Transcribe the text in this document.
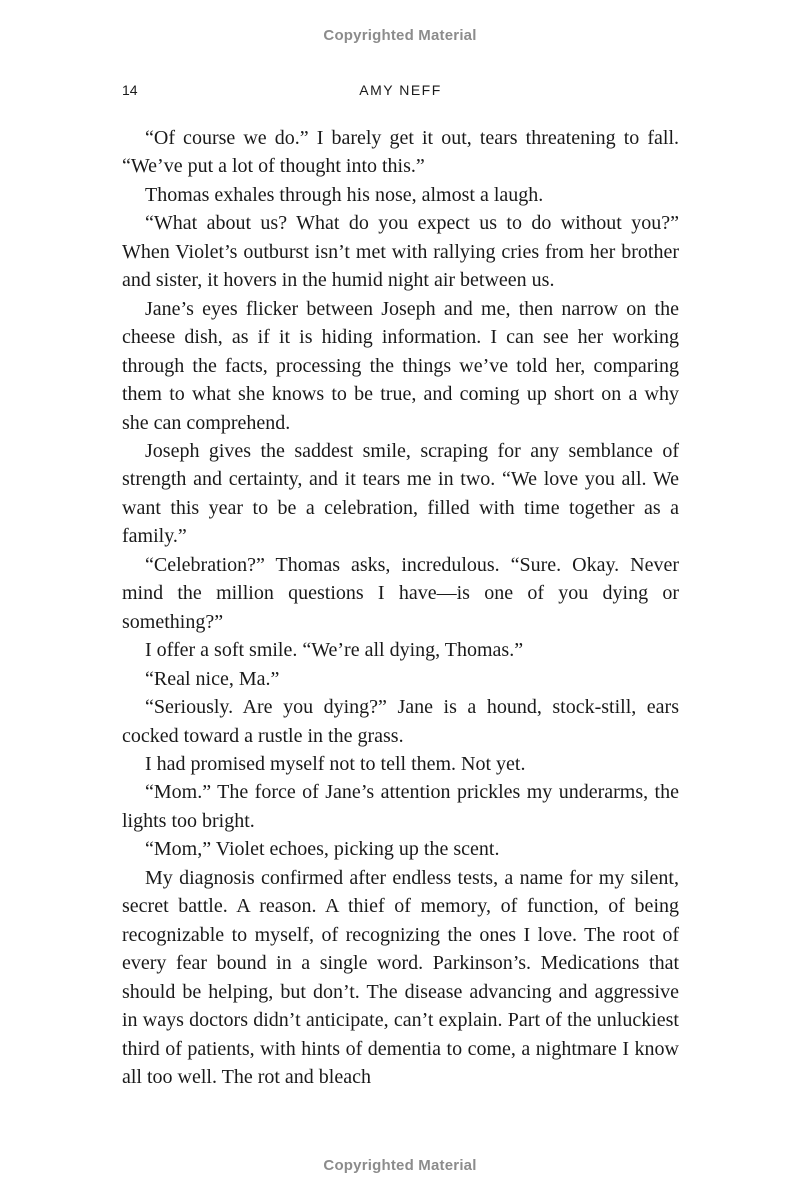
Copyrighted Material
14	AMY NEFF

“Of course we do.” I barely get it out, tears threatening to fall. “We’ve put a lot of thought into this.”

Thomas exhales through his nose, almost a laugh.

“What about us? What do you expect us to do without you?” When Violet’s outburst isn’t met with rallying cries from her brother and sister, it hovers in the humid night air between us.

Jane’s eyes flicker between Joseph and me, then narrow on the cheese dish, as if it is hiding information. I can see her working through the facts, processing the things we’ve told her, comparing them to what she knows to be true, and coming up short on a why she can comprehend.

Joseph gives the saddest smile, scraping for any semblance of strength and certainty, and it tears me in two. “We love you all. We want this year to be a celebration, filled with time together as a family.”

“Celebration?” Thomas asks, incredulous. “Sure. Okay. Never mind the million questions I have—is one of you dying or something?”

I offer a soft smile. “We’re all dying, Thomas.”

“Real nice, Ma.”

“Seriously. Are you dying?” Jane is a hound, stock-still, ears cocked toward a rustle in the grass.

I had promised myself not to tell them. Not yet.

“Mom.” The force of Jane’s attention prickles my underarms, the lights too bright.

“Mom,” Violet echoes, picking up the scent.

My diagnosis confirmed after endless tests, a name for my silent, secret battle. A reason. A thief of memory, of function, of being recognizable to myself, of recognizing the ones I love. The root of every fear bound in a single word. Parkinson’s. Medications that should be helping, but don’t. The disease advancing and aggressive in ways doctors didn’t anticipate, can’t explain. Part of the unluckiest third of patients, with hints of dementia to come, a nightmare I know all too well. The rot and bleach

Copyrighted Material
